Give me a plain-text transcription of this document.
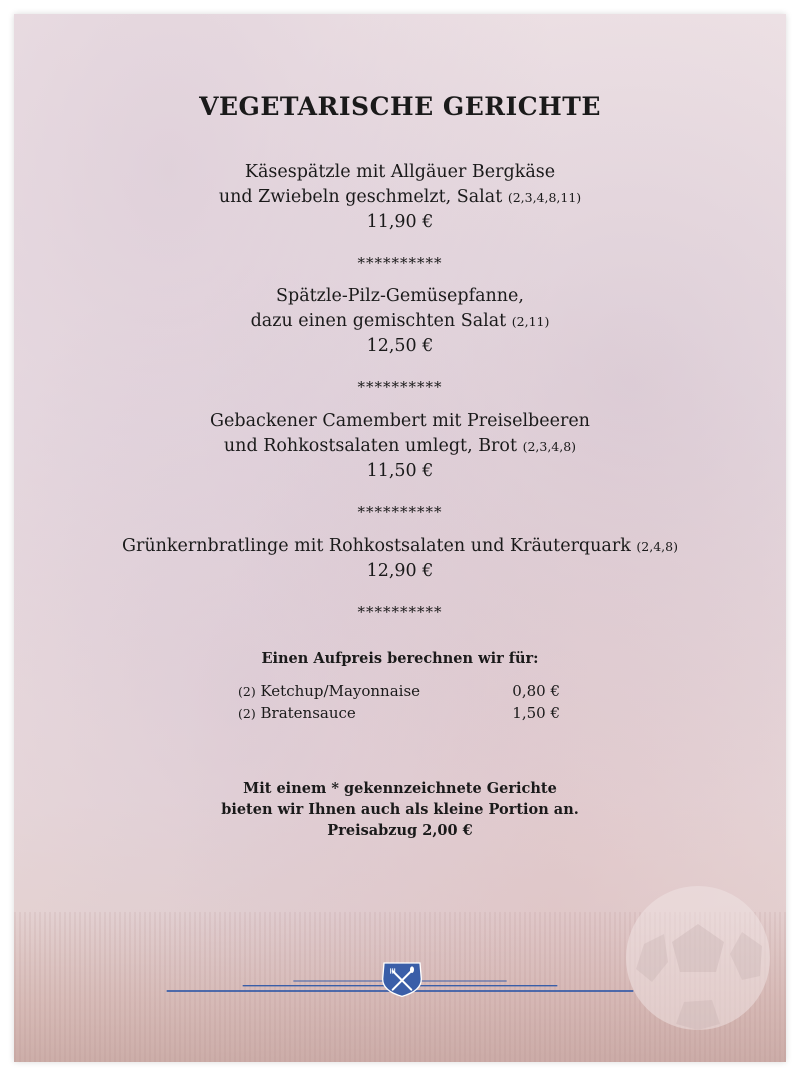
VEGETARISCHE GERICHTE
Käsespätzle mit Allgäuer Bergkäse
und Zwiebeln geschmelzt, Salat (2,3,4,8,11)
11,90 €
**********
Spätzle-Pilz-Gemüsepfanne,
dazu einen gemischten Salat (2,11)
12,50 €
**********
Gebackener Camembert mit Preiselbeeren
und Rohkostsalaten umlegt, Brot (2,3,4,8)
11,50 €
**********
Grünkernbratlinge mit Rohkostsalaten und Kräuterquark (2,4,8)
12,90 €
**********
Einen Aufpreis berechnen wir für:
(2) Ketchup/Mayonnaise	0,80 €
(2) Bratensauce	1,50 €
Mit einem * gekennzeichnete Gerichte
bieten wir Ihnen auch als kleine Portion an.
Preisabzug 2,00 €
